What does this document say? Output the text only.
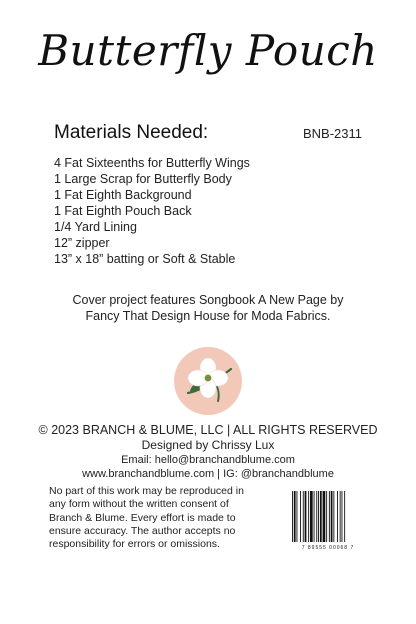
Butterfly Pouch
Materials Needed:	BNB-2311
4 Fat Sixteenths for Butterfly Wings
1 Large Scrap for Butterfly Body
1 Fat Eighth Background
1 Fat Eighth Pouch Back
1/4 Yard Lining
12” zipper
13” x 18” batting or Soft & Stable
Cover project features Songbook A New Page by
Fancy That Design House for Moda Fabrics.
© 2023 BRANCH & BLUME, LLC | ALL RIGHTS RESERVED
Designed by Chrissy Lux
Email: hello@branchandblume.com
www.branchandblume.com | IG: @branchandblume

No part of this work may be reproduced in
any form without the written consent of
Branch & Blume. Every effort is made to
ensure accuracy. The author accepts no
responsibility for errors or omissions.	7 89555 00068 7
